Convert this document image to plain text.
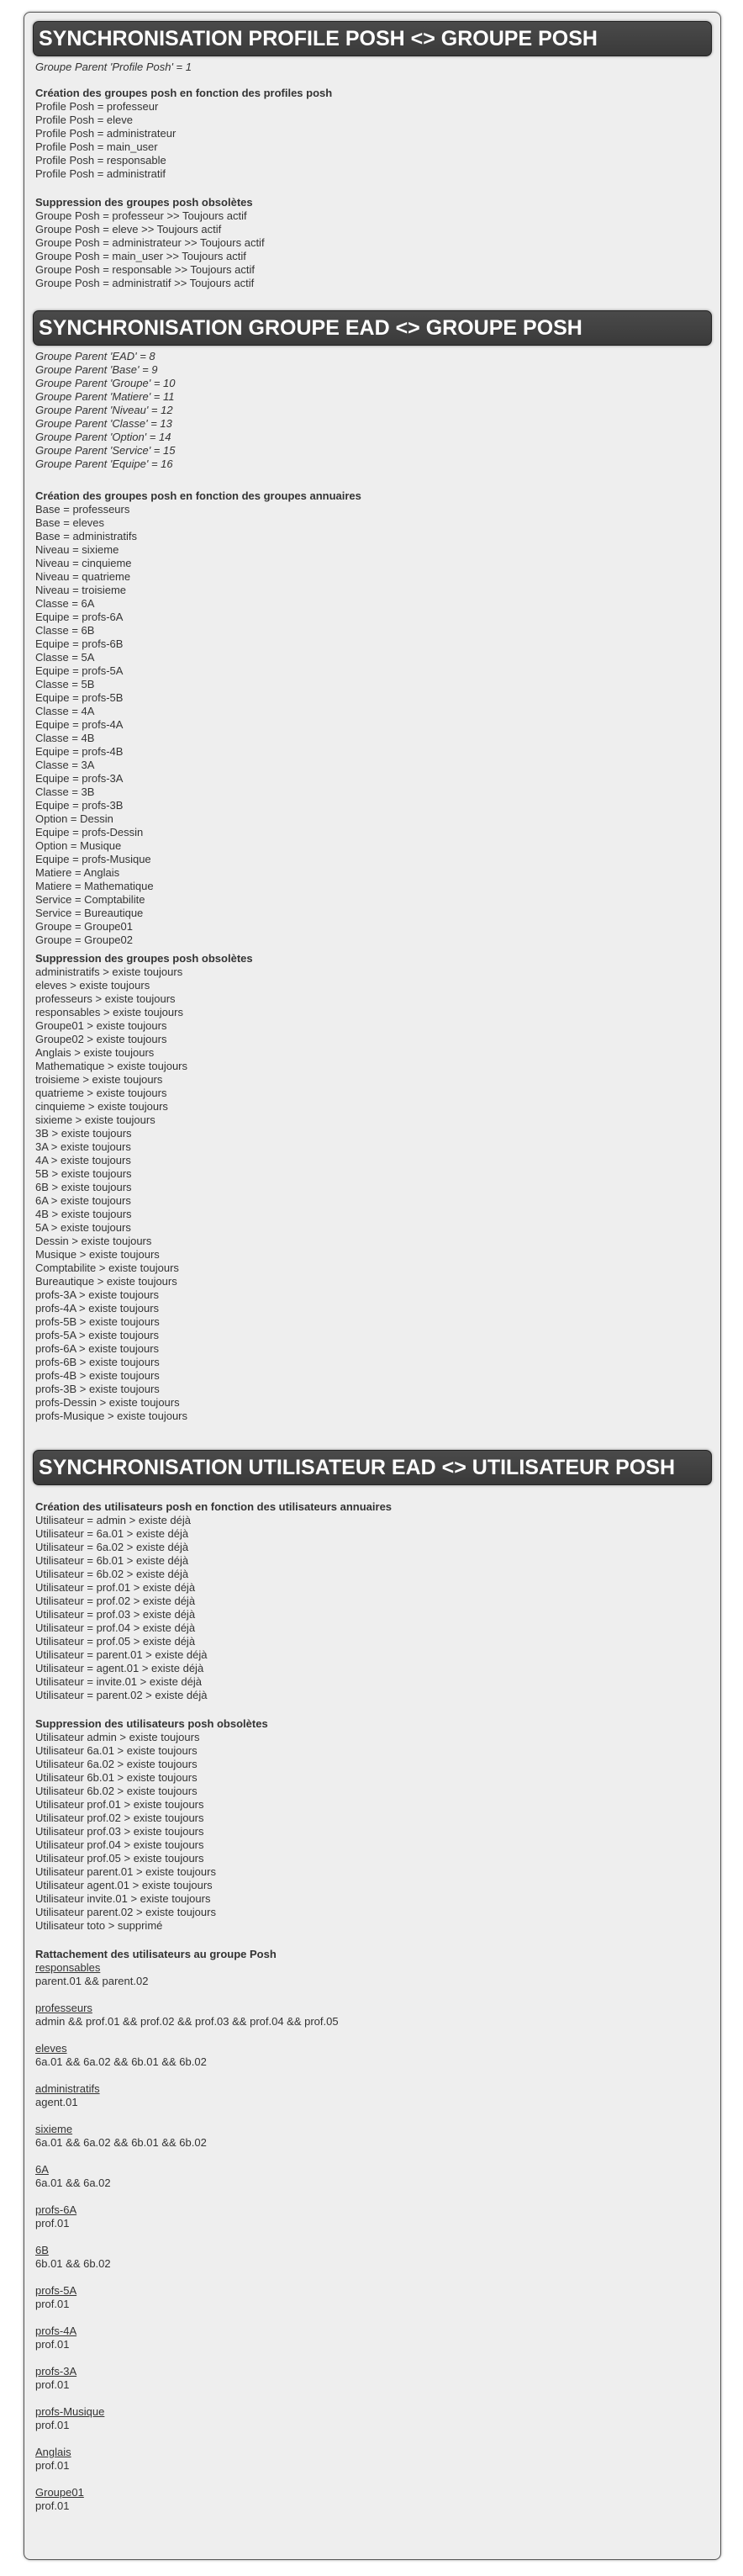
SYNCHRONISATION PROFILE POSH <> GROUPE POSH
Groupe Parent 'Profile Posh' = 1
Création des groupes posh en fonction des profiles posh
Profile Posh = professeur
Profile Posh = eleve
Profile Posh = administrateur
Profile Posh = main_user
Profile Posh = responsable
Profile Posh = administratif
Suppression des groupes posh obsolètes
Groupe Posh = professeur >> Toujours actif
Groupe Posh = eleve >> Toujours actif
Groupe Posh = administrateur >> Toujours actif
Groupe Posh = main_user >> Toujours actif
Groupe Posh = responsable >> Toujours actif
Groupe Posh = administratif >> Toujours actif
SYNCHRONISATION GROUPE EAD <> GROUPE POSH
Groupe Parent 'EAD' = 8
Groupe Parent 'Base' = 9
Groupe Parent 'Groupe' = 10
Groupe Parent 'Matiere' = 11
Groupe Parent 'Niveau' = 12
Groupe Parent 'Classe' = 13
Groupe Parent 'Option' = 14
Groupe Parent 'Service' = 15
Groupe Parent 'Equipe' = 16
Création des groupes posh en fonction des groupes annuaires
Base = professeurs
Base = eleves
Base = administratifs
Niveau = sixieme
Niveau = cinquieme
Niveau = quatrieme
Niveau = troisieme
Classe = 6A
Equipe = profs-6A
Classe = 6B
Equipe = profs-6B
Classe = 5A
Equipe = profs-5A
Classe = 5B
Equipe = profs-5B
Classe = 4A
Equipe = profs-4A
Classe = 4B
Equipe = profs-4B
Classe = 3A
Equipe = profs-3A
Classe = 3B
Equipe = profs-3B
Option = Dessin
Equipe = profs-Dessin
Option = Musique
Equipe = profs-Musique
Matiere = Anglais
Matiere = Mathematique
Service = Comptabilite
Service = Bureautique
Groupe = Groupe01
Groupe = Groupe02
Suppression des groupes posh obsolètes
administratifs > existe toujours
eleves > existe toujours
professeurs > existe toujours
responsables > existe toujours
Groupe01 > existe toujours
Groupe02 > existe toujours
Anglais > existe toujours
Mathematique > existe toujours
troisieme > existe toujours
quatrieme > existe toujours
cinquieme > existe toujours
sixieme > existe toujours
3B > existe toujours
3A > existe toujours
4A > existe toujours
5B > existe toujours
6B > existe toujours
6A > existe toujours
4B > existe toujours
5A > existe toujours
Dessin > existe toujours
Musique > existe toujours
Comptabilite > existe toujours
Bureautique > existe toujours
profs-3A > existe toujours
profs-4A > existe toujours
profs-5B > existe toujours
profs-5A > existe toujours
profs-6A > existe toujours
profs-6B > existe toujours
profs-4B > existe toujours
profs-3B > existe toujours
profs-Dessin > existe toujours
profs-Musique > existe toujours
SYNCHRONISATION UTILISATEUR EAD <> UTILISATEUR POSH
Création des utilisateurs posh en fonction des utilisateurs annuaires
Utilisateur = admin > existe déjà
Utilisateur = 6a.01 > existe déjà
Utilisateur = 6a.02 > existe déjà
Utilisateur = 6b.01 > existe déjà
Utilisateur = 6b.02 > existe déjà
Utilisateur = prof.01 > existe déjà
Utilisateur = prof.02 > existe déjà
Utilisateur = prof.03 > existe déjà
Utilisateur = prof.04 > existe déjà
Utilisateur = prof.05 > existe déjà
Utilisateur = parent.01 > existe déjà
Utilisateur = agent.01 > existe déjà
Utilisateur = invite.01 > existe déjà
Utilisateur = parent.02 > existe déjà
Suppression des utilisateurs posh obsolètes
Utilisateur admin > existe toujours
Utilisateur 6a.01 > existe toujours
Utilisateur 6a.02 > existe toujours
Utilisateur 6b.01 > existe toujours
Utilisateur 6b.02 > existe toujours
Utilisateur prof.01 > existe toujours
Utilisateur prof.02 > existe toujours
Utilisateur prof.03 > existe toujours
Utilisateur prof.04 > existe toujours
Utilisateur prof.05 > existe toujours
Utilisateur parent.01 > existe toujours
Utilisateur agent.01 > existe toujours
Utilisateur invite.01 > existe toujours
Utilisateur parent.02 > existe toujours
Utilisateur toto > supprimé
Rattachement des utilisateurs au groupe Posh
responsables
parent.01 && parent.02
professeurs
admin && prof.01 && prof.02 && prof.03 && prof.04 && prof.05
eleves
6a.01 && 6a.02 && 6b.01 && 6b.02
administratifs
agent.01
sixieme
6a.01 && 6a.02 && 6b.01 && 6b.02
6A
6a.01 && 6a.02
profs-6A
prof.01
6B
6b.01 && 6b.02
profs-5A
prof.01
profs-4A
prof.01
profs-3A
prof.01
profs-Musique
prof.01
Anglais
prof.01
Groupe01
prof.01
